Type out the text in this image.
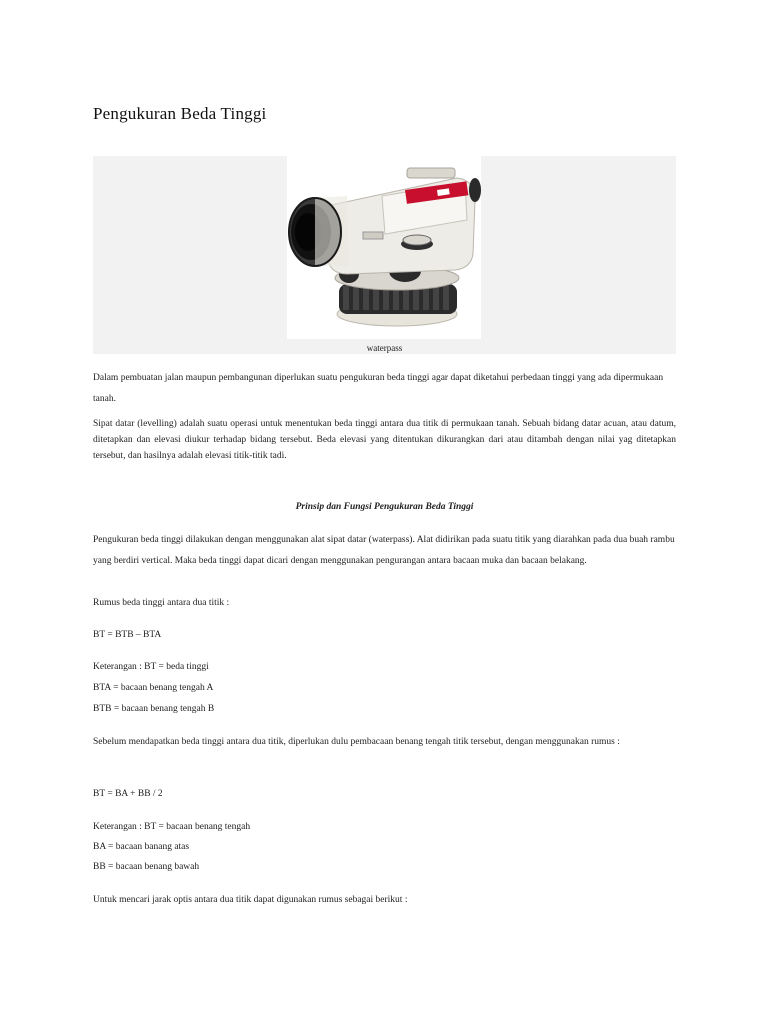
Pengukuran Beda Tinggi
waterpass
Dalam pembuatan jalan maupun pembangunan diperlukan suatu pengukuran beda tinggi agar dapat diketahui perbedaan tinggi yang ada dipermukaan tanah.
Sipat datar (levelling) adalah suatu operasi untuk menentukan beda tinggi antara dua titik di permukaan tanah. Sebuah bidang datar acuan, atau datum, ditetapkan dan elevasi diukur terhadap bidang tersebut. Beda elevasi yang ditentukan dikurangkan dari atau ditambah dengan nilai yag ditetapkan tersebut, dan hasilnya adalah elevasi titik-titik tadi.
Prinsip dan Fungsi Pengukuran Beda Tinggi
Pengukuran beda tinggi dilakukan dengan menggunakan alat sipat datar (waterpass). Alat didirikan pada suatu titik yang diarahkan pada dua buah rambu yang berdiri vertical. Maka beda tinggi dapat dicari dengan menggunakan pengurangan antara bacaan muka dan bacaan belakang.
Rumus beda tinggi antara dua titik :
BT = BTB – BTA
Keterangan : BT = beda tinggi
BTA = bacaan benang tengah A
BTB = bacaan benang tengah B
Sebelum mendapatkan beda tinggi antara dua titik, diperlukan dulu pembacaan benang tengah titik tersebut, dengan menggunakan rumus :
BT = BA + BB / 2
Keterangan : BT = bacaan benang tengah
BA = bacaan banang atas
BB = bacaan benang bawah
Untuk mencari jarak optis antara dua titik dapat digunakan rumus sebagai berikut :
